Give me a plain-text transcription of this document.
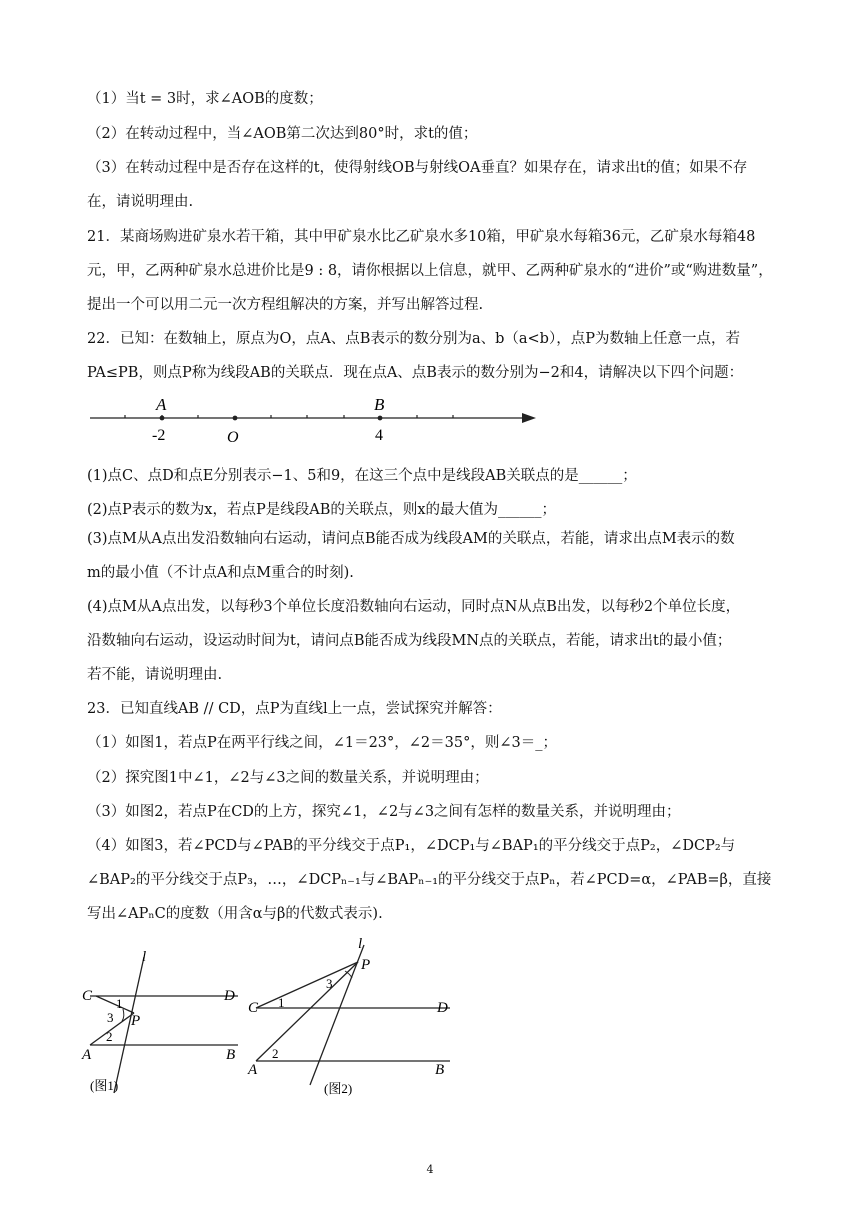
（1）当t = 3时，求∠AOB的度数；
（2）在转动过程中，当∠AOB第二次达到80°时，求t的值；
（3）在转动过程中是否存在这样的t，使得射线OB与射线OA垂直？如果存在，请求出t的值；如果不存
在，请说明理由.
21．某商场购进矿泉水若干箱，其中甲矿泉水比乙矿泉水多10箱，甲矿泉水每箱36元，乙矿泉水每箱48
元，甲，乙两种矿泉水总进价比是9 : 8，请你根据以上信息，就甲、乙两种矿泉水的“进价”或“购进数量”，
提出一个可以用二元一次方程组解决的方案，并写出解答过程.
22．已知：在数轴上，原点为O，点A、点B表示的数分别为a、b（a<b），点P为数轴上任意一点，若
PA≤PB，则点P称为线段AB的关联点．现在点A、点B表示的数分别为−2和4，请解决以下四个问题：
A
-2	O
B
4
(1)点C、点D和点E分别表示−1、5和9，在这三个点中是线段AB关联点的是______；
(2)点P表示的数为x，若点P是线段AB的关联点，则x的最大值为______；
(3)点M从A点出发沿数轴向右运动，请问点B能否成为线段AM的关联点，若能，请求出点M表示的数
m的最小值（不计点A和点M重合的时刻).
(4)点M从A点出发，以每秒3个单位长度沿数轴向右运动，同时点N从点B出发，以每秒2个单位长度，
沿数轴向右运动，设运动时间为t，请问点B能否成为线段MN点的关联点，若能，请求出t的最小值；
若不能，请说明理由.
23．已知直线AB // CD，点P为直线l上一点，尝试探究并解答：
（1）如图1，若点P在两平行线之间，∠1＝23°，∠2＝35°，则∠3＝_；
（2）探究图1中∠1，∠2与∠3之间的数量关系，并说明理由；
（3）如图2，若点P在CD的上方，探究∠1，∠2与∠3之间有怎样的数量关系，并说明理由；
（4）如图3，若∠PCD与∠PAB的平分线交于点P₁，∠DCP₁与∠BAP₁的平分线交于点P₂，∠DCP₂与
∠BAP₂的平分线交于点P₃，…，∠DCPₙ₋₁与∠BAPₙ₋₁的平分线交于点Pₙ，若∠PCD=α，∠PAB=β，直接
写出∠APₙC的度数（用含α与β的代数式表示).
l
C	D
A	B
P
1
2
3
(图1)
l
P
C	D
A	B
1
2
3
(图2)
4
